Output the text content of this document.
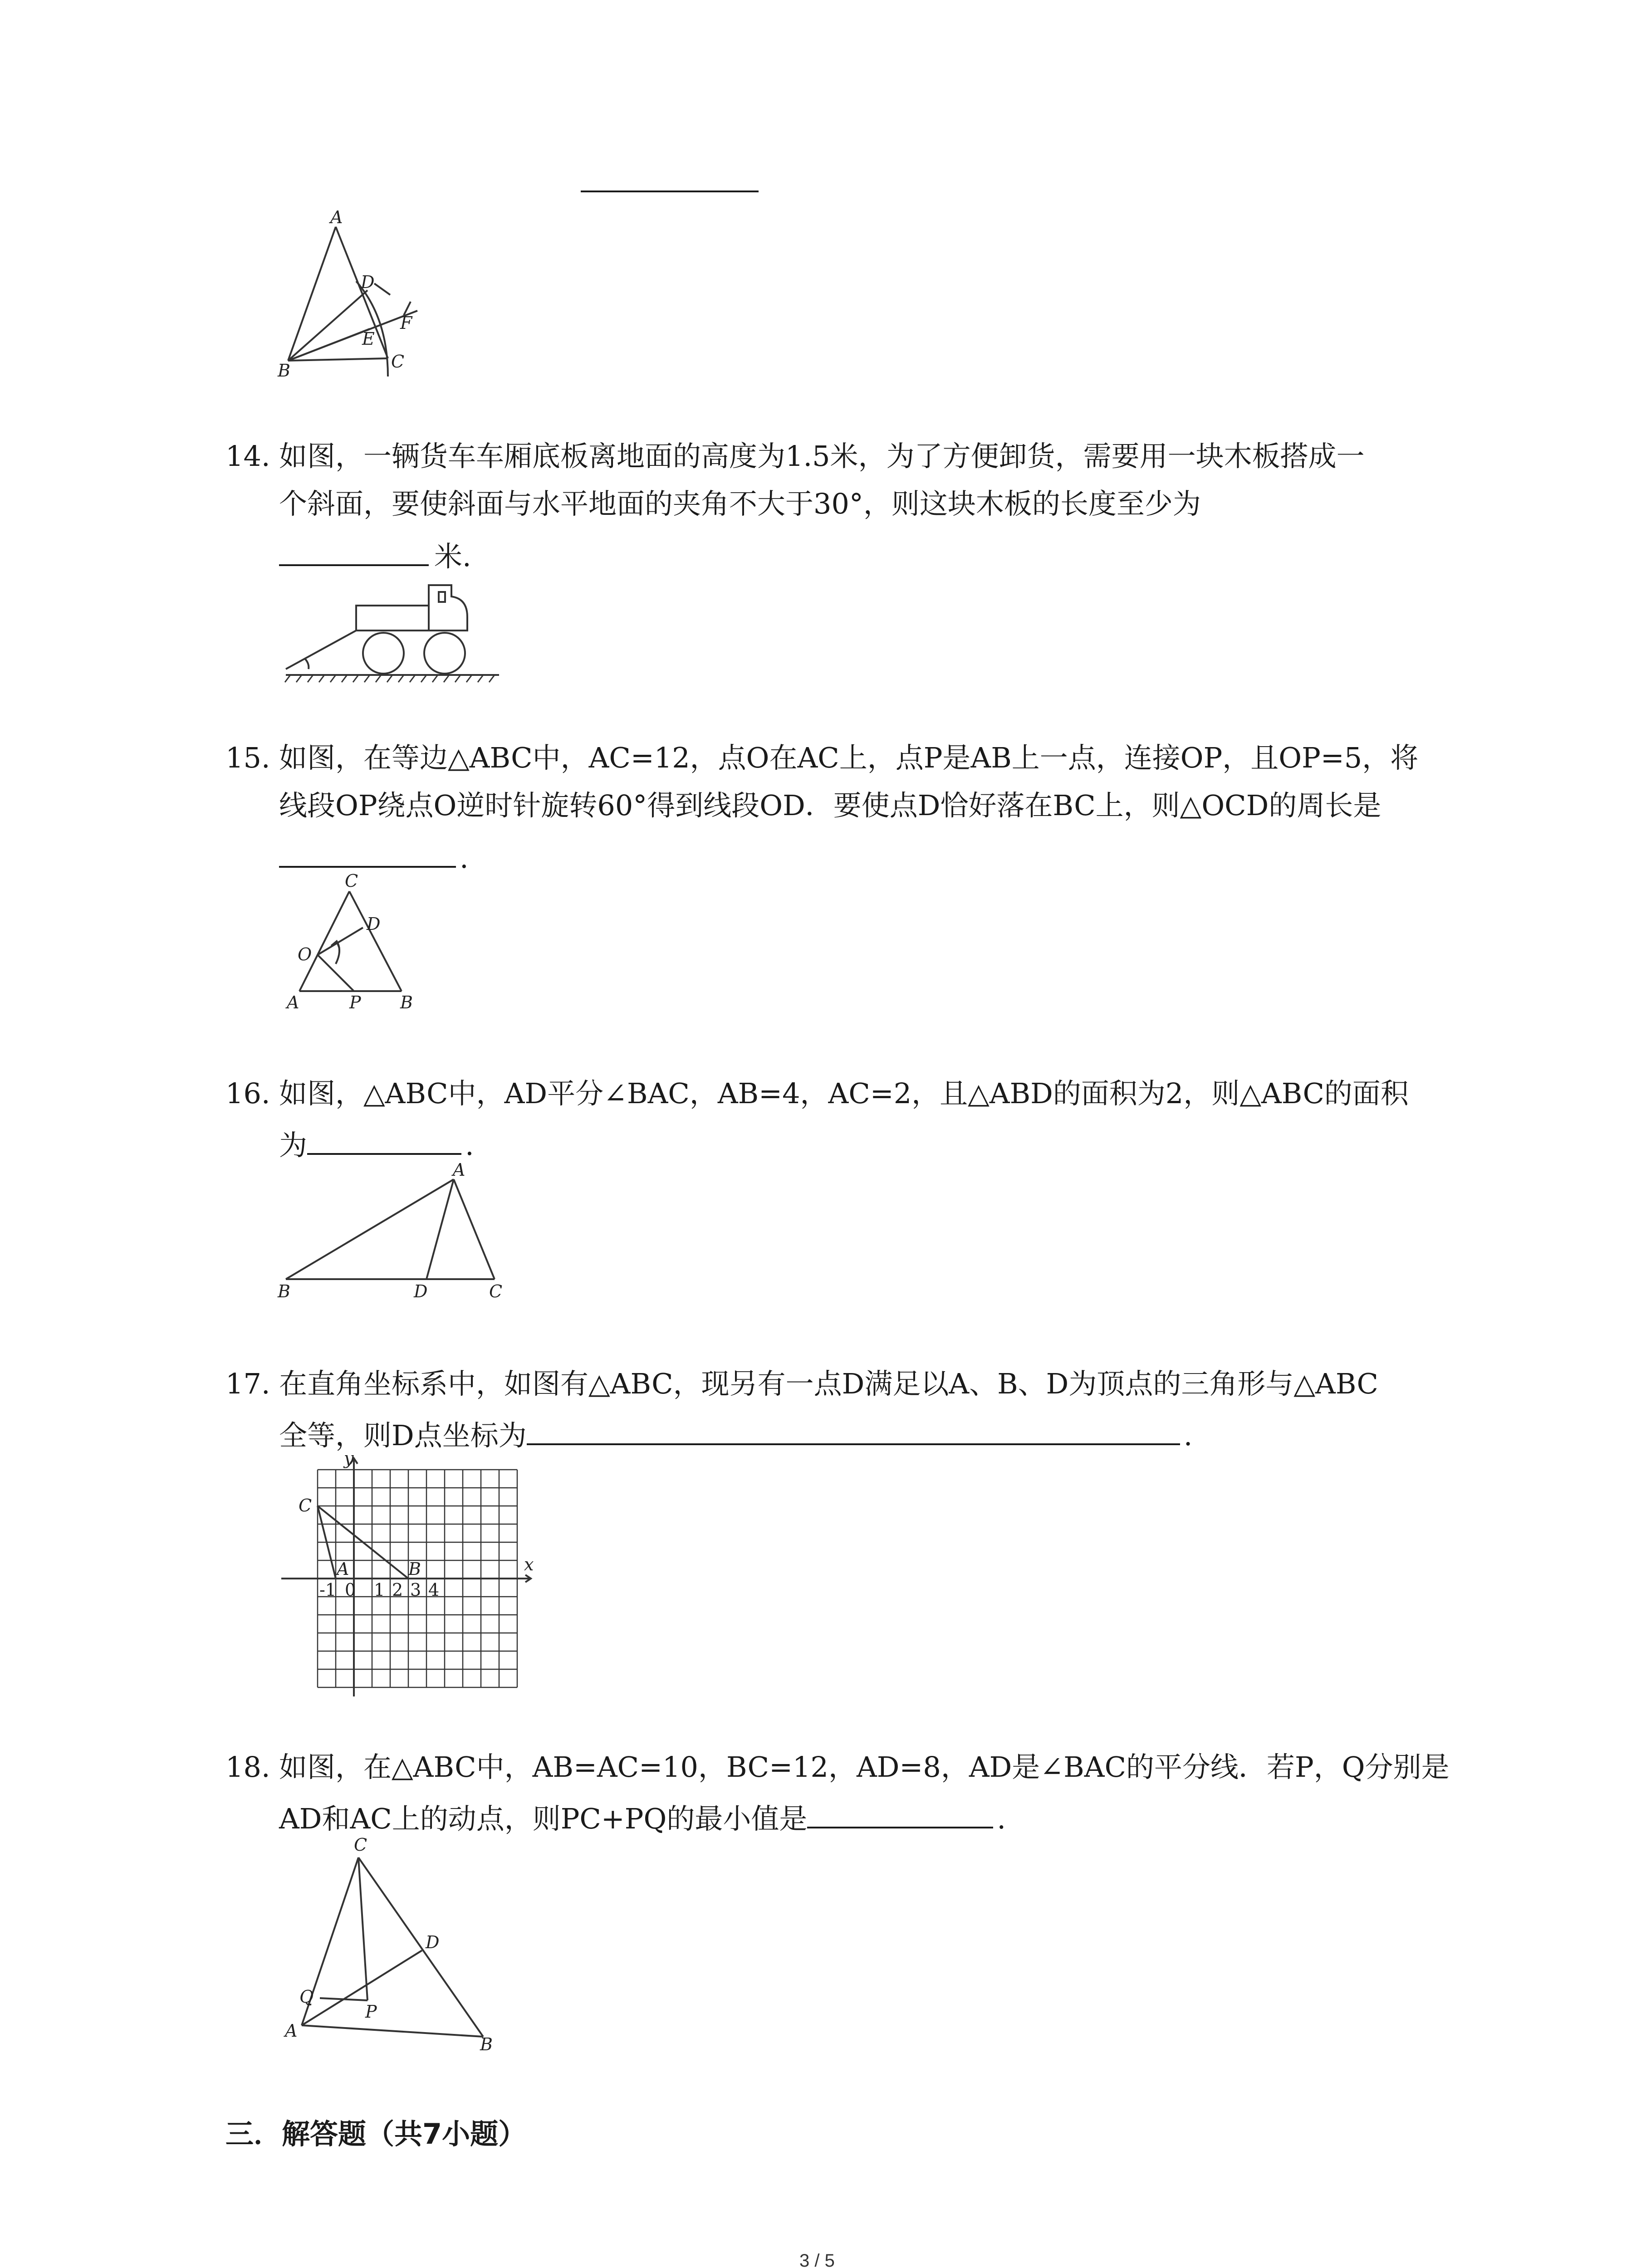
A
B	C
D
E
F
14. 如图，一辆货车车厢底板离地面的高度为1.5米，为了方便卸货，需要用一块木板搭成一
个斜面，要使斜面与水平地面的夹角不大于30°，则这块木板的长度至少为
米.
15. 如图，在等边△ABC中，AC=12，点O在AC上，点P是AB上一点，连接OP，且OP=5，将
线段OP绕点O逆时针旋转60°得到线段OD．要使点D恰好落在BC上，则△OCD的周长是
.
C
D
O
A	P B
16. 如图，△ABC中，AD平分∠BAC，AB=4，AC=2，且△ABD的面积为2，则△ABC的面积
为	.
A
B	D	C
17. 在直角坐标系中，如图有△ABC，现另有一点D满足以A、B、D为顶点的三角形与△ABC
全等，则D点坐标为	.
y
x
C
A	B
-1 0 1 2 3 4
18. 如图，在△ABC中，AB=AC=10，BC=12，AD=8，AD是∠BAC的平分线．若P，Q分别是
AD和AC上的动点，则PC+PQ的最小值是	.
C
D
Q
P
A
B
三．解答题（共7小题）
3 / 5
